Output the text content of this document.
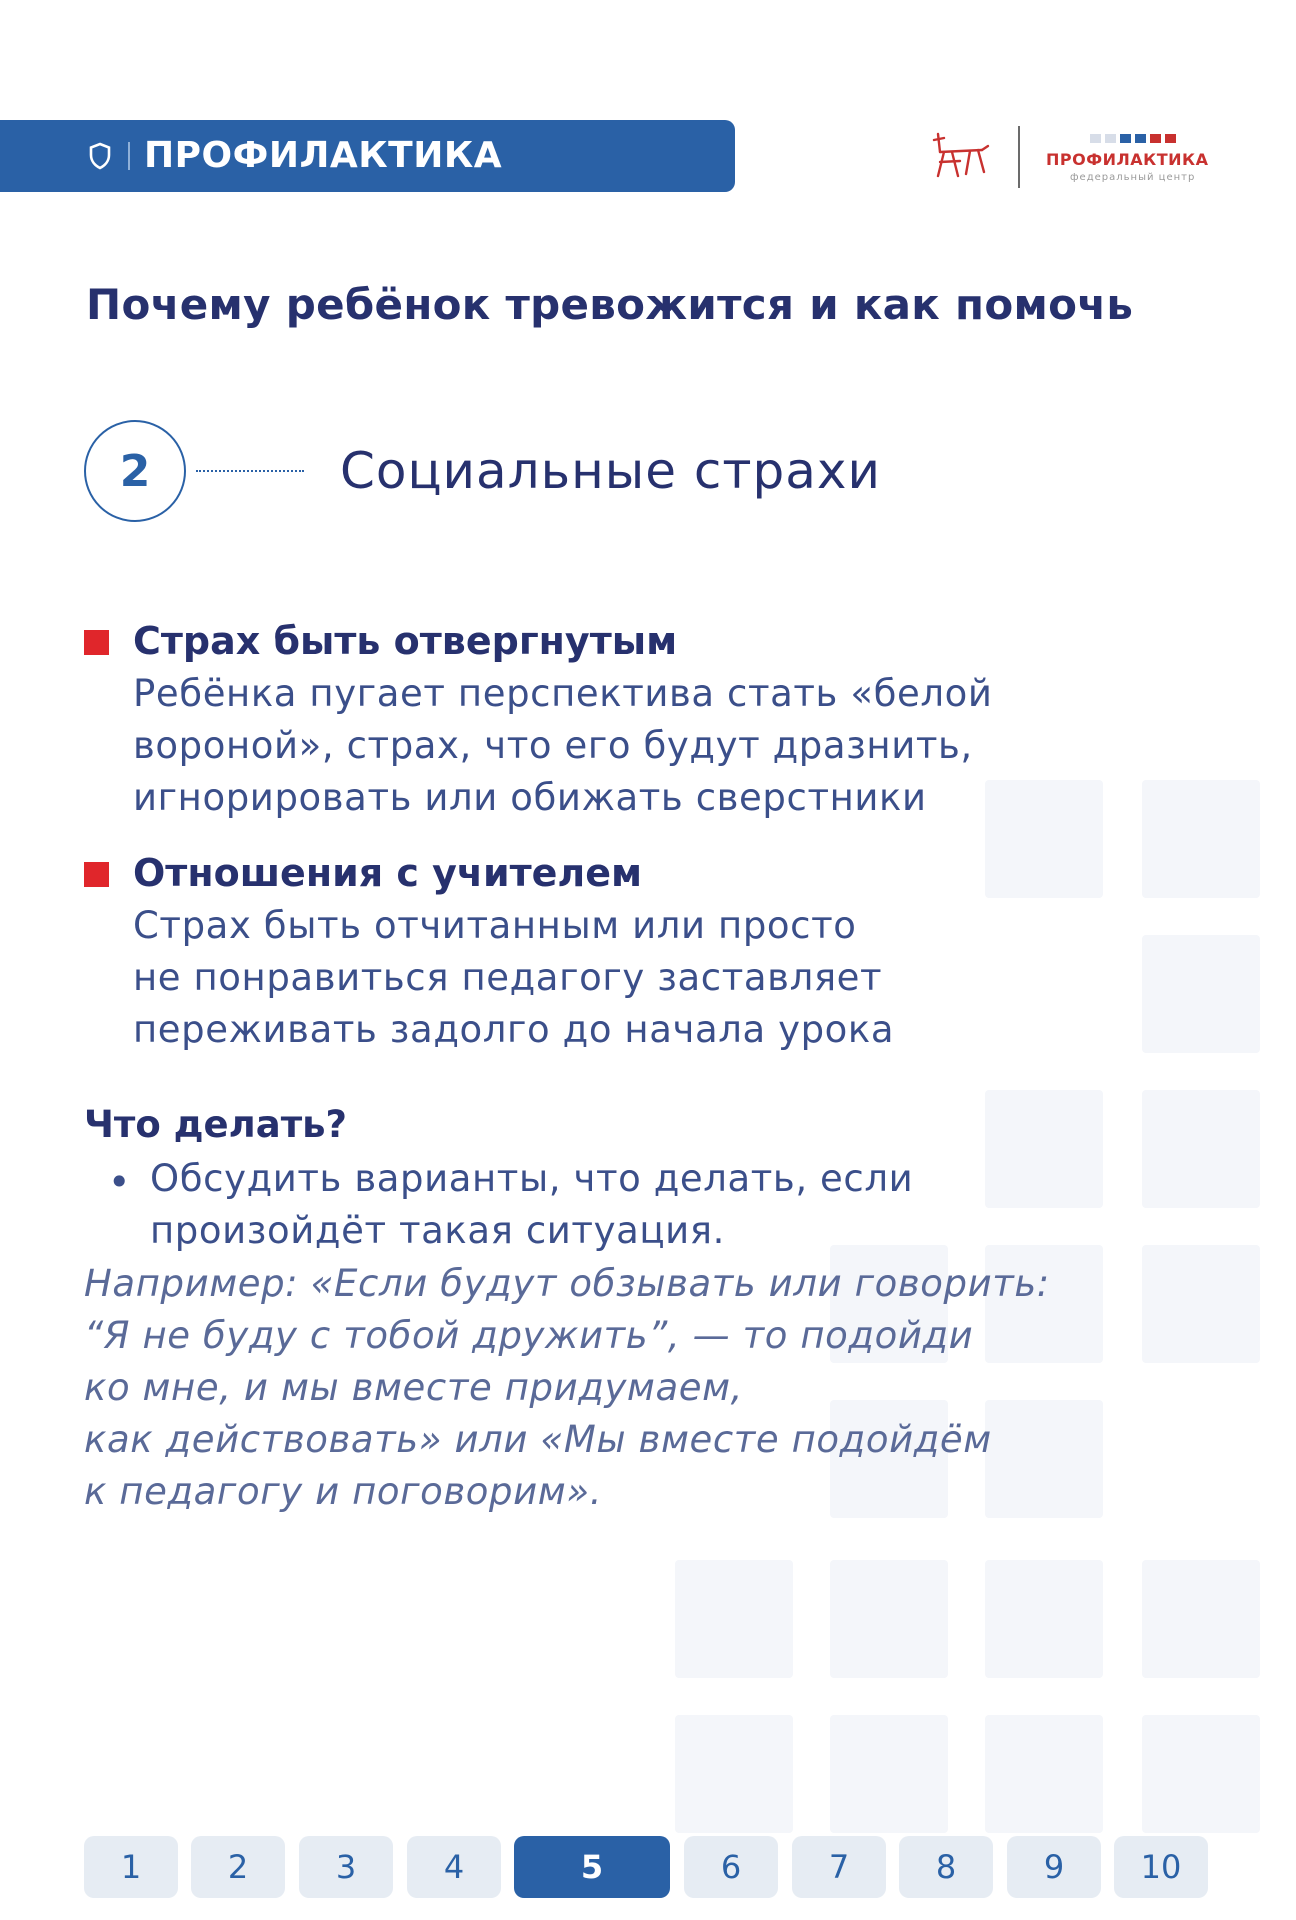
ПРОФИЛАКТИКА	ПРОФИЛАКТИКА
федеральный центр
Почему ребёнок тревожится и как помочь
2	Социальные страхи
Страх быть отвергнутым
Ребёнка пугает перспектива стать «белой
вороной», страх, что его будут дразнить,
игнорировать или обижать сверстники
Отношения с учителем
Страх быть отчитанным или просто
не понравиться педагогу заставляет
переживать задолго до начала урока
Что делать?
• Обсудить варианты, что делать, если
произойдёт такая ситуация.
Например: «Если будут обзывать или говорить:
“Я не буду с тобой дружить”, — то подойди
ко мне, и мы вместе придумаем,
как действовать» или «Мы вместе подойдём
к педагогу и поговорим».
1	2	3	4	5	6	7	8	9	10
